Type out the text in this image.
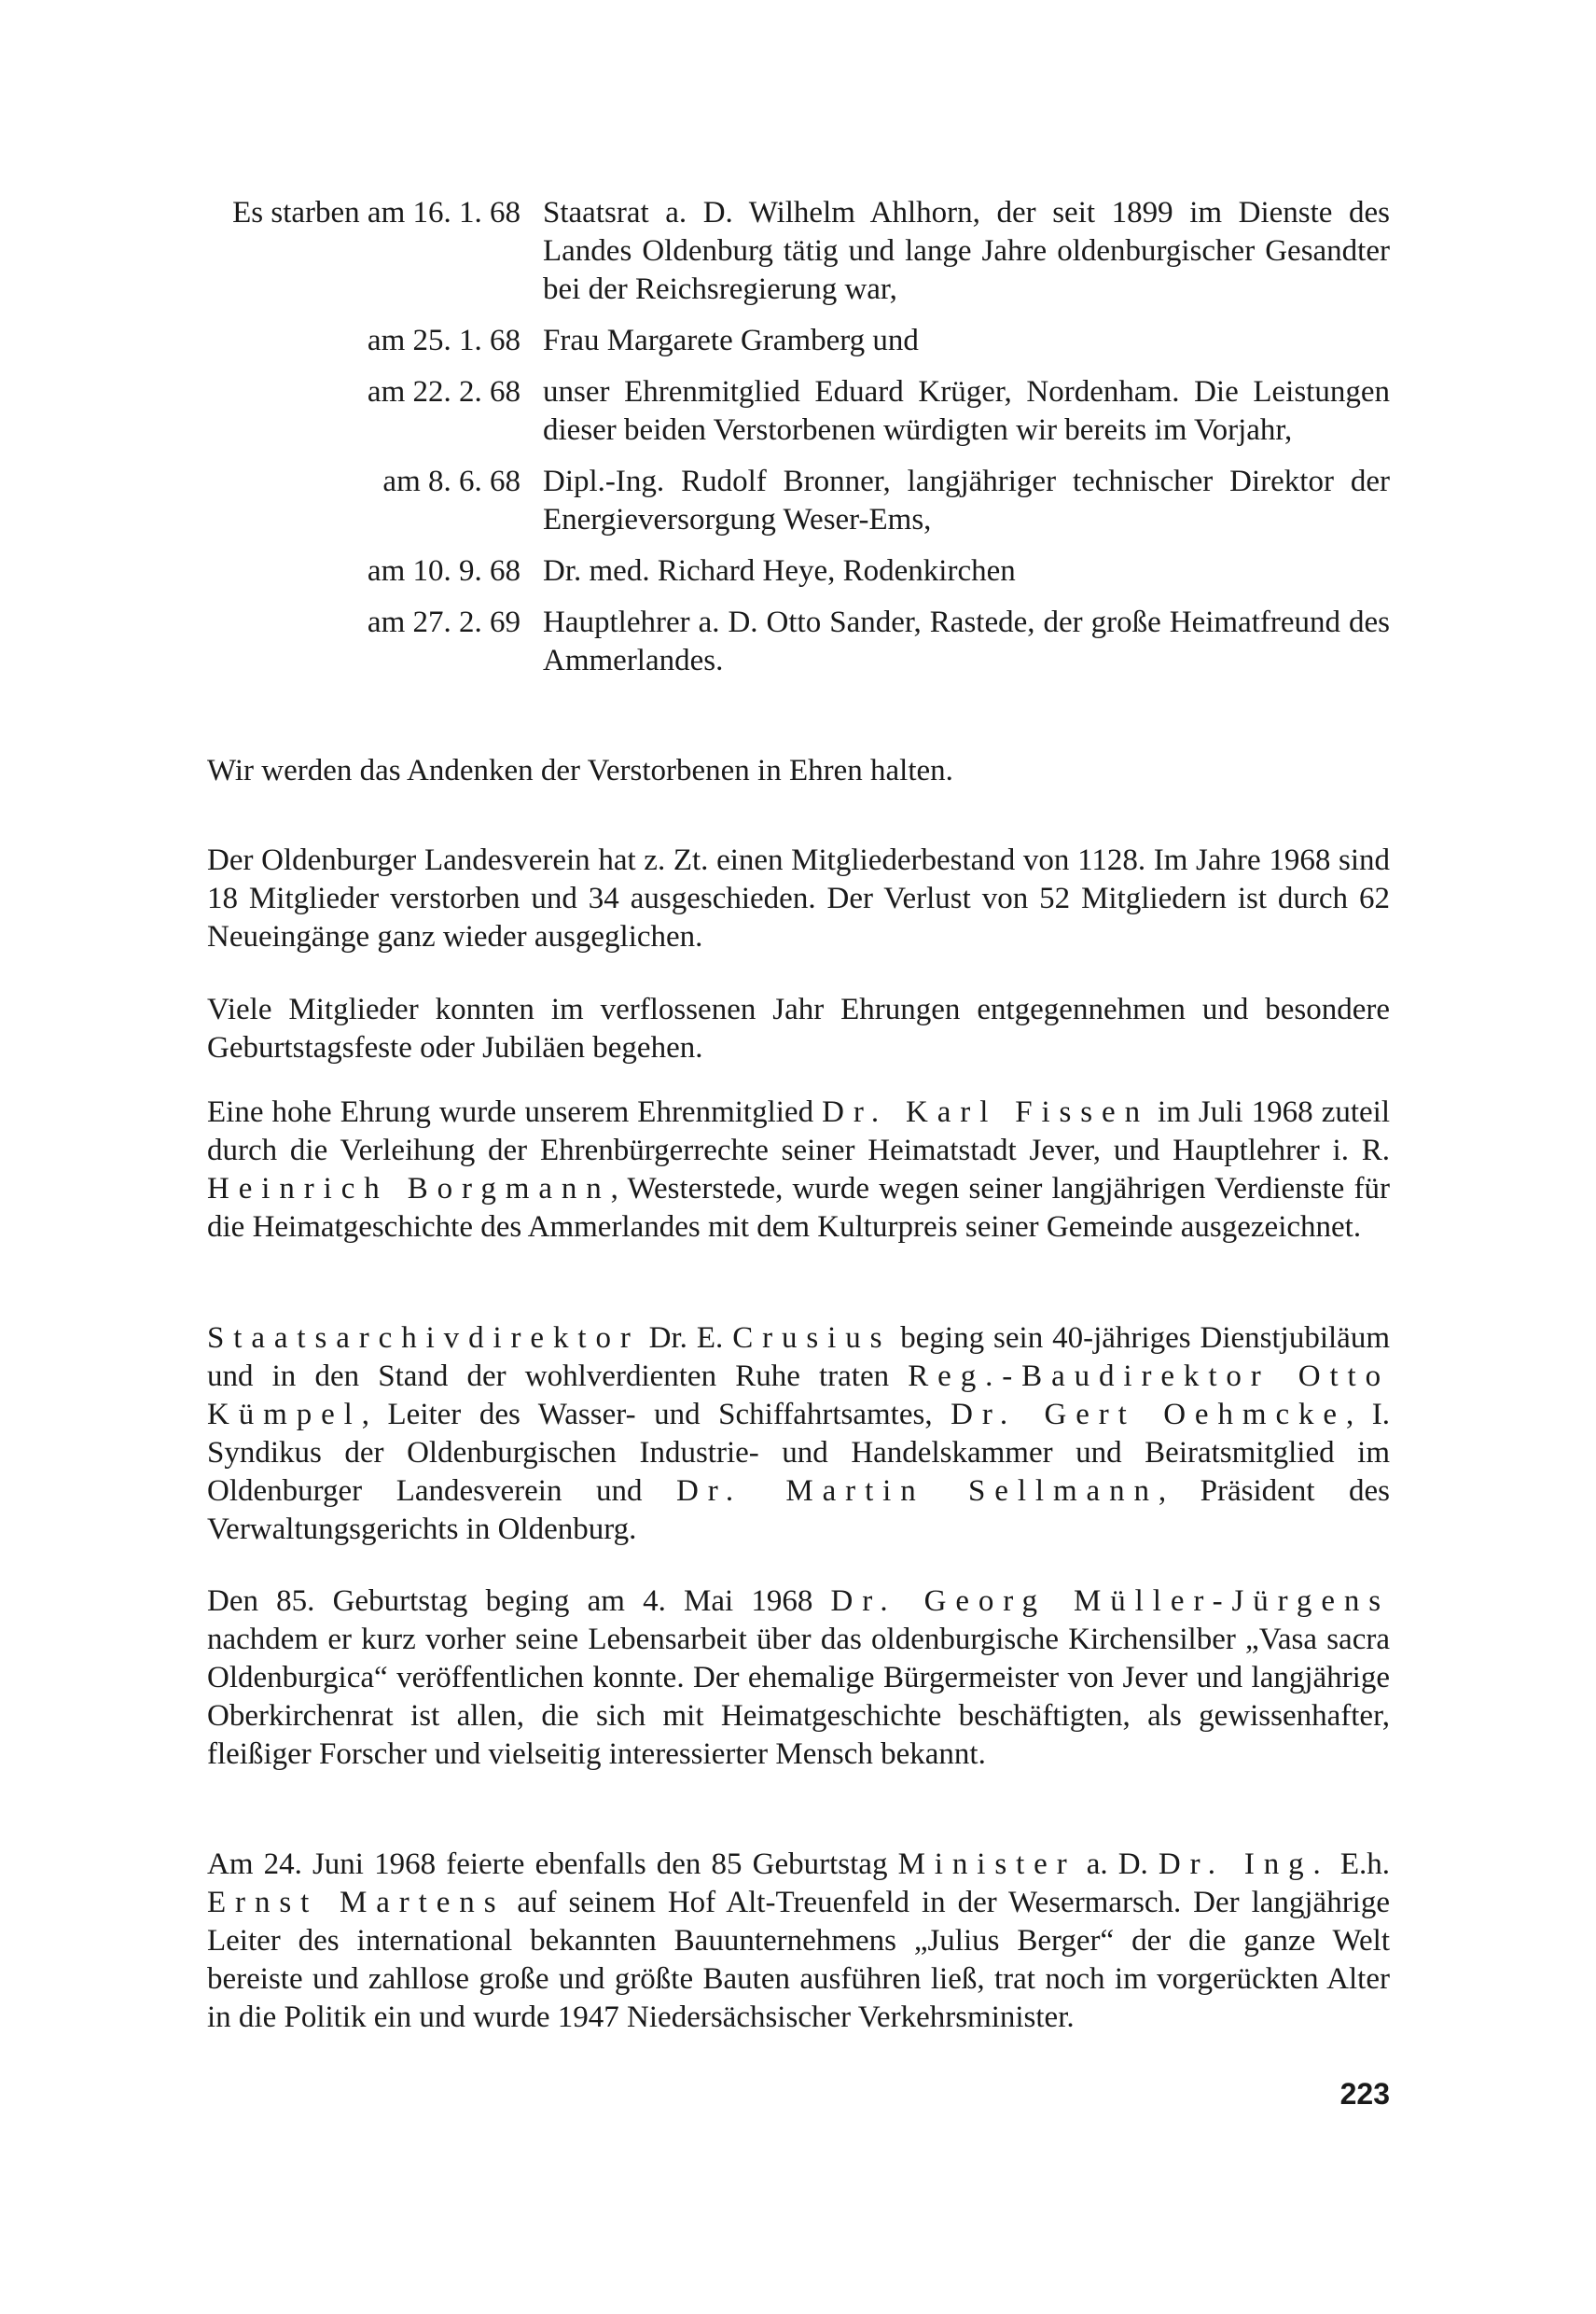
Es starben am 16. 1. 68 Staatsrat a. D. Wilhelm Ahlhorn, der seit 1899 im Dienste des Landes Oldenburg tätig und lange Jahre oldenburgischer Gesandter bei der Reichsregierung war,
am 25. 1. 68 Frau Margarete Gramberg und
am 22. 2. 68 unser Ehrenmitglied Eduard Krüger, Nordenham. Die Leistungen dieser beiden Verstorbenen würdigten wir bereits im Vorjahr,
am 8. 6. 68 Dipl.-Ing. Rudolf Bronner, langjähriger technischer Direktor der Energieversorgung Weser-Ems,
am 10. 9. 68 Dr. med. Richard Heye, Rodenkirchen
am 27. 2. 69 Hauptlehrer a. D. Otto Sander, Rastede, der große Heimatfreund des Ammerlandes.

Wir werden das Andenken der Verstorbenen in Ehren halten.

Der Oldenburger Landesverein hat z. Zt. einen Mitgliederbestand von 1128. Im Jahre 1968 sind 18 Mitglieder verstorben und 34 ausgeschieden. Der Verlust von 52 Mitgliedern ist durch 62 Neueingänge ganz wieder ausgeglichen.

Viele Mitglieder konnten im verflossenen Jahr Ehrungen entgegennehmen und besondere Geburtstagsfeste oder Jubiläen begehen.

Eine hohe Ehrung wurde unserem Ehrenmitglied Dr. Karl Fissen im Juli 1968 zuteil durch die Verleihung der Ehrenbürgerrechte seiner Heimatstadt Jever, und Hauptlehrer i. R. Heinrich Borgmann, Westerstede, wurde wegen seiner langjährigen Verdienste für die Heimatgeschichte des Ammerlandes mit dem Kulturpreis seiner Gemeinde ausgezeichnet.

Staatsarchivdirektor Dr. E. Crusius beging sein 40-jähriges Dienstjubiläum und in den Stand der wohlverdienten Ruhe traten Reg.-Baudirektor Otto Kümpel, Leiter des Wasser- und Schiffahrtsamtes, Dr. Gert Oehmcke, I. Syndikus der Oldenburgischen Industrie- und Handelskammer und Beiratsmitglied im Oldenburger Landesverein und Dr. Martin Sellmann, Präsident des Verwaltungsgerichts in Oldenburg.

Den 85. Geburtstag beging am 4. Mai 1968 Dr. Georg Müller-Jürgens nachdem er kurz vorher seine Lebensarbeit über das oldenburgische Kirchensilber „Vasa sacra Oldenburgica“ veröffentlichen konnte. Der ehemalige Bürgermeister von Jever und langjährige Oberkirchenrat ist allen, die sich mit Heimatgeschichte beschäftigten, als gewissenhafter, fleißiger Forscher und vielseitig interessierter Mensch bekannt.

Am 24. Juni 1968 feierte ebenfalls den 85 Geburtstag Minister a. D. Dr. Ing. E.h. Ernst Martens auf seinem Hof Alt-Treuenfeld in der Wesermarsch. Der langjährige Leiter des international bekannten Bauunternehmens „Julius Berger“ der die ganze Welt bereiste und zahllose große und größte Bauten ausführen ließ, trat noch im vorgerückten Alter in die Politik ein und wurde 1947 Niedersächsischer Verkehrsminister.

223
